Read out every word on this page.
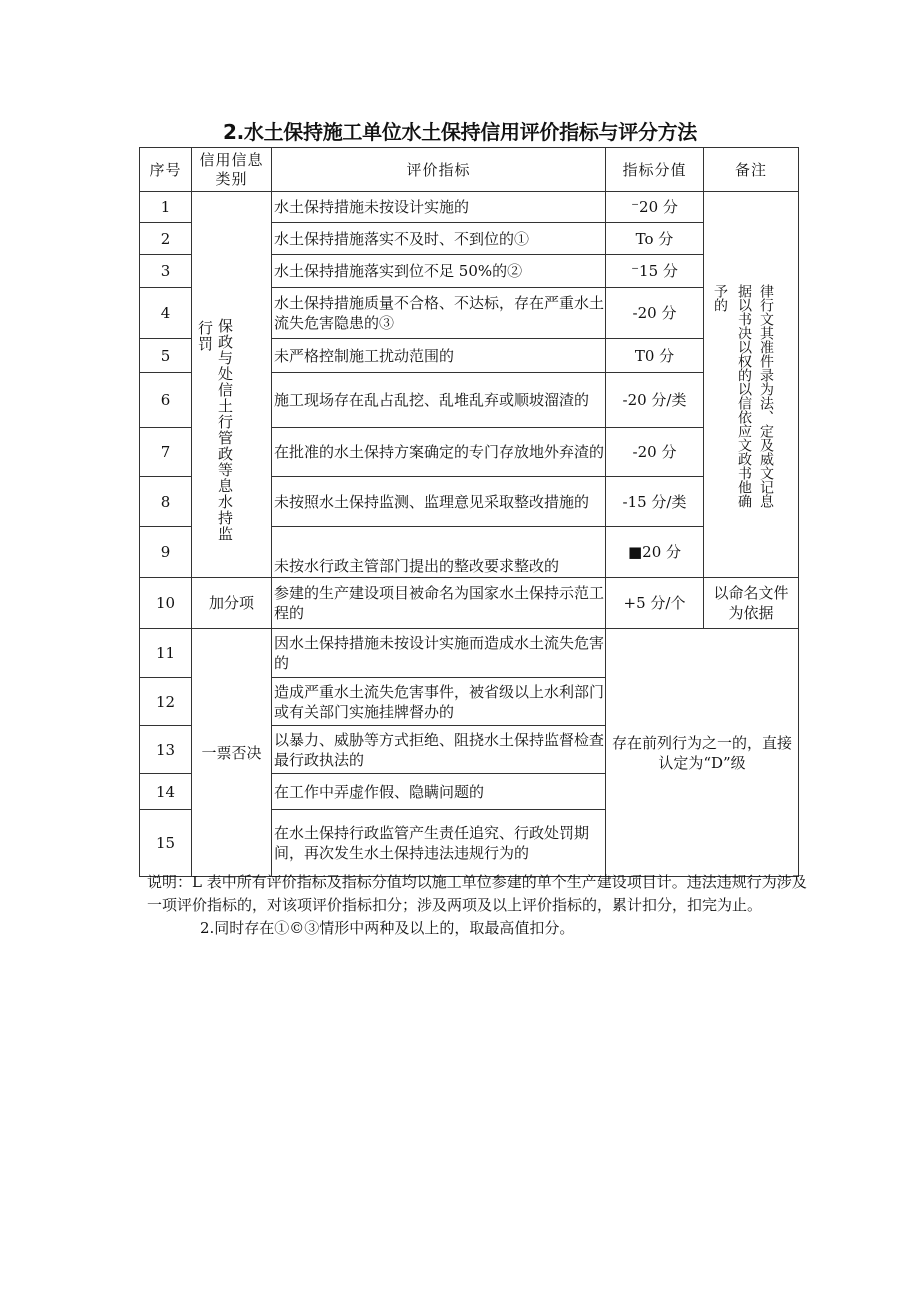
2.水土保持施工单位水土保持信用评价指标与评分方法
序号	信用信息类别	评价指标	指标分值	备注
1	行罚 保政与处信土行管政等息水持监	水土保持措施未按设计实施的	⁻20 分	予的 据以书决以权的以信依应文政书他确 律行文其准件录为法、定及威文记息

2		水土保持措施落实不及时、不到位的①	To 分	
3		水土保持措施落实到位不足 50%的②	⁻15 分	
4		水土保持措施质量不合格、不达标，存在严重水土流失危害隐患的③	-20 分	
5		未严格控制施工扰动范围的	T0 分	
6		施工现场存在乱占乱挖、乱堆乱弃或顺坡溜渣的	-20 分/类	
7		在批准的水土保持方案确定的专门存放地外弃渣的	-20 分	
8		未按照水土保持监测、监理意见采取整改措施的	-15 分/类	
9		未按水行政主管部门提出的整改要求整改的	■20 分	
10	加分项	参建的生产建设项目被命名为国家水土保持示范工程的	+5 分/个	以命名文件为依据
11	一票否决	因水土保持措施未按设计实施而造成水土流失危害的	存在前列行为之一的，直接认定为“D”级	
12		造成严重水土流失危害事件，被省级以上水利部门或有关部门实施挂牌督办的		
13		以暴力、威胁等方式拒绝、阻挠水土保持监督检查最行政执法的		
14		在工作中弄虚作假、隐瞒问题的		
15		在水土保持行政监管产生责任追究、行政处罚期间，再次发生水土保持违法违规行为的		

说明：L 表中所有评价指标及指标分值均以施工单位参建的单个生产建设项目计。违法违规行为涉及一项评价指标的，对该项评价指标扣分；涉及两项及以上评价指标的，累计扣分，扣完为止。

2.同时存在①©③情形中两种及以上的，取最高值扣分。
